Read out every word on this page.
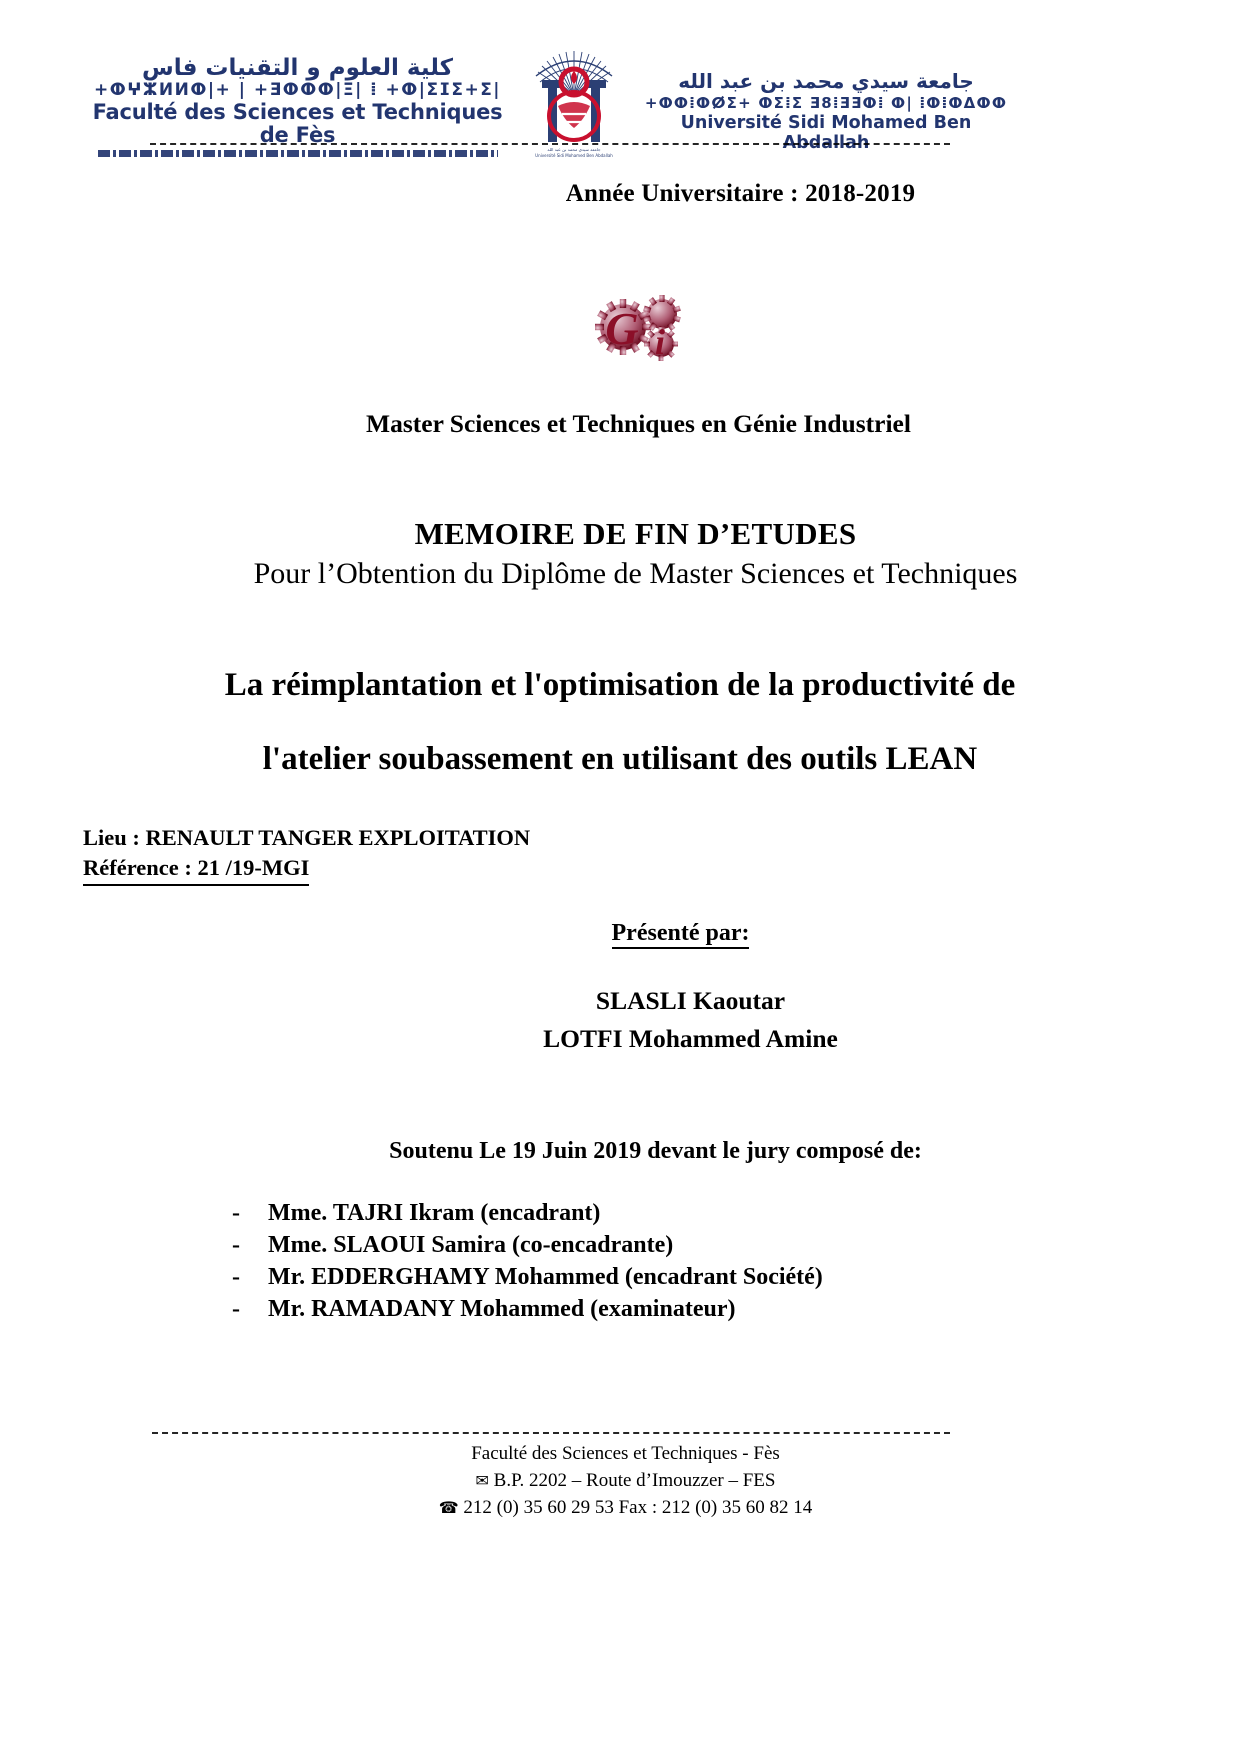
كلية العلوم و التقنيات فاس
+ⵀⵖⵣⵍⵍⵀ|+ | +ⴺⵀⵀⵀ|Ξ| ⵂ +ⵀ|ΣⵊΣ+Σ|
Faculté des Sciences et Techniques de Fès
جامعة سيدي محمد بن عبد الله
Université Sidi Mohamed Ben Abdallah
جامعة سيدي محمد بن عبد الله
+ⵀⵀⵂⵀⵁΣ+ ⵀΣⵂΣ ⴺ8ⵂⴺⴺⵀⵂ ⵀ| ⵂⵀⵂⵀⵠⵀⵀ
Université Sidi Mohamed Ben Abdallah
Année Universitaire : 2018-2019
G i
Master Sciences et Techniques en Génie Industriel
MEMOIRE DE FIN D’ETUDES
Pour l’Obtention du Diplôme de Master Sciences et Techniques
La réimplantation et l'optimisation de la productivité de
l'atelier soubassement en utilisant des outils LEAN
Lieu : RENAULT TANGER EXPLOITATION
Référence : 21 /19-MGI
Présenté par:
SLASLI Kaoutar
LOTFI Mohammed Amine
Soutenu Le 19 Juin 2019 devant le jury composé de:
- Mme. TAJRI Ikram (encadrant)
- Mme. SLAOUI Samira (co-encadrante)
- Mr. EDDERGHAMY Mohammed (encadrant Société)
- Mr. RAMADANY Mohammed (examinateur)
Faculté des Sciences et Techniques - Fès
✉ B.P. 2202 – Route d’Imouzzer – FES
☎ 212 (0) 35 60 29 53 Fax : 212 (0) 35 60 82 14
